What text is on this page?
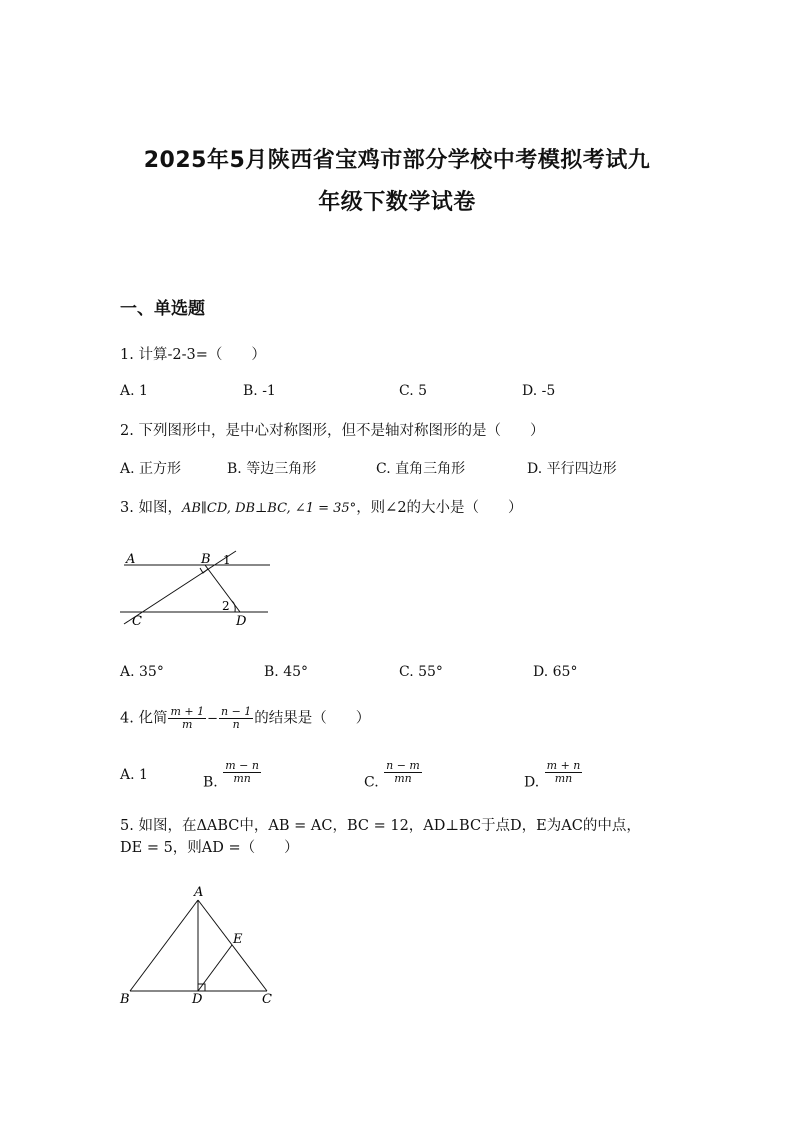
2025年5月陕西省宝鸡市部分学校中考模拟考试九
年级下数学试卷
一、单选题
1. 计算-2-3=（　　）
A. 1	B. -1	C. 5	D. -5
2. 下列图形中，是中心对称图形，但不是轴对称图形的是（　　）
A. 正方形	B. 等边三角形	C. 直角三角形	D. 平行四边形
3. 如图，AB∥CD, DB⊥BC, ∠1 = 35°，则∠2的大小是（　　）
A	B 1
2
C	D
A. 35°	B. 45°	C. 55°	D. 65°
4. 化简 $\frac{m + 1}{m} - \frac{n - 1}{n}$ 的结果是（　　）
A. 1	B. $\frac{m - n}{mn}$	C. $\frac{n - m}{mn}$	D. $\frac{m + n}{mn}$
5. 如图，在ΔABC中，AB = AC，BC = 12，AD⊥BC于点D，E为AC的中点，
DE = 5，则AD =（　　）
A
E
B	D	C
